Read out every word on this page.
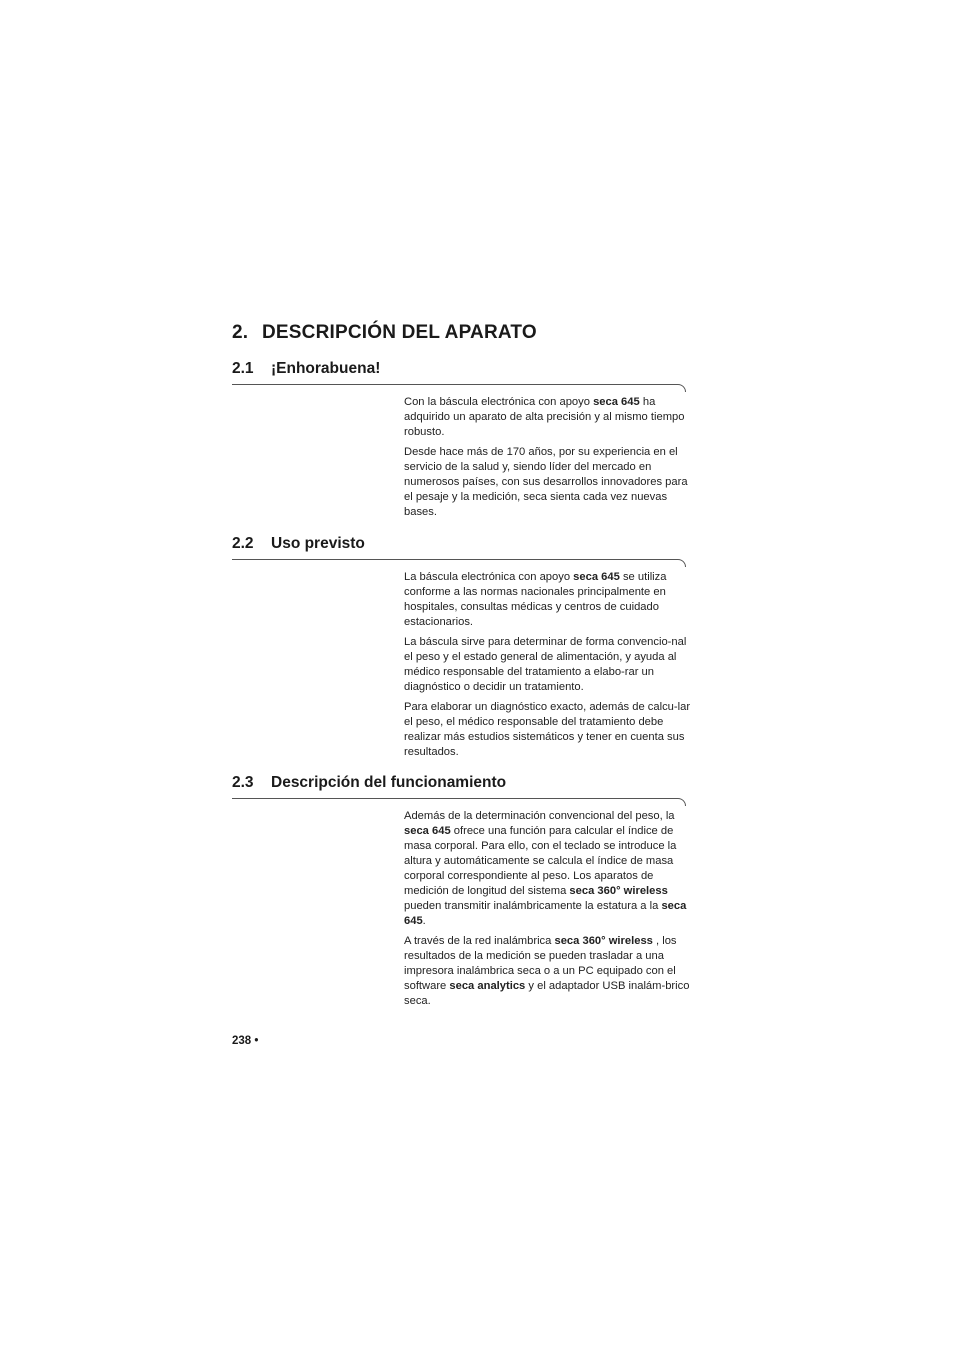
2. DESCRIPCIÓN DEL APARATO
2.1 ¡Enhorabuena!

Con la báscula electrónica con apoyo seca 645 ha adquirido un aparato de alta precisión y al mismo tiempo robusto.

Desde hace más de 170 años, por su experiencia en el servicio de la salud y, siendo líder del mercado en numerosos países, con sus desarrollos innovadores para el pesaje y la medición, seca sienta cada vez nuevas bases.

2.2 Uso previsto

La báscula electrónica con apoyo seca 645 se utiliza conforme a las normas nacionales principalmente en hospitales, consultas médicas y centros de cuidado estacionarios.

La báscula sirve para determinar de forma convencio-nal el peso y el estado general de alimentación, y ayuda al médico responsable del tratamiento a elabo-rar un diagnóstico o decidir un tratamiento.

Para elaborar un diagnóstico exacto, además de calcu-lar el peso, el médico responsable del tratamiento debe realizar más estudios sistemáticos y tener en cuenta sus resultados.

2.3 Descripción del funcionamiento

Además de la determinación convencional del peso, la seca 645 ofrece una función para calcular el índice de masa corporal. Para ello, con el teclado se introduce la altura y automáticamente se calcula el índice de masa corporal correspondiente al peso. Los aparatos de medición de longitud del sistema seca 360° wireless pueden transmitir inalámbricamente la estatura a la seca 645.

A través de la red inalámbrica seca 360° wireless , los resultados de la medición se pueden trasladar a una impresora inalámbrica seca o a un PC equipado con el software seca analytics y el adaptador USB inalám-brico seca.

238 •
